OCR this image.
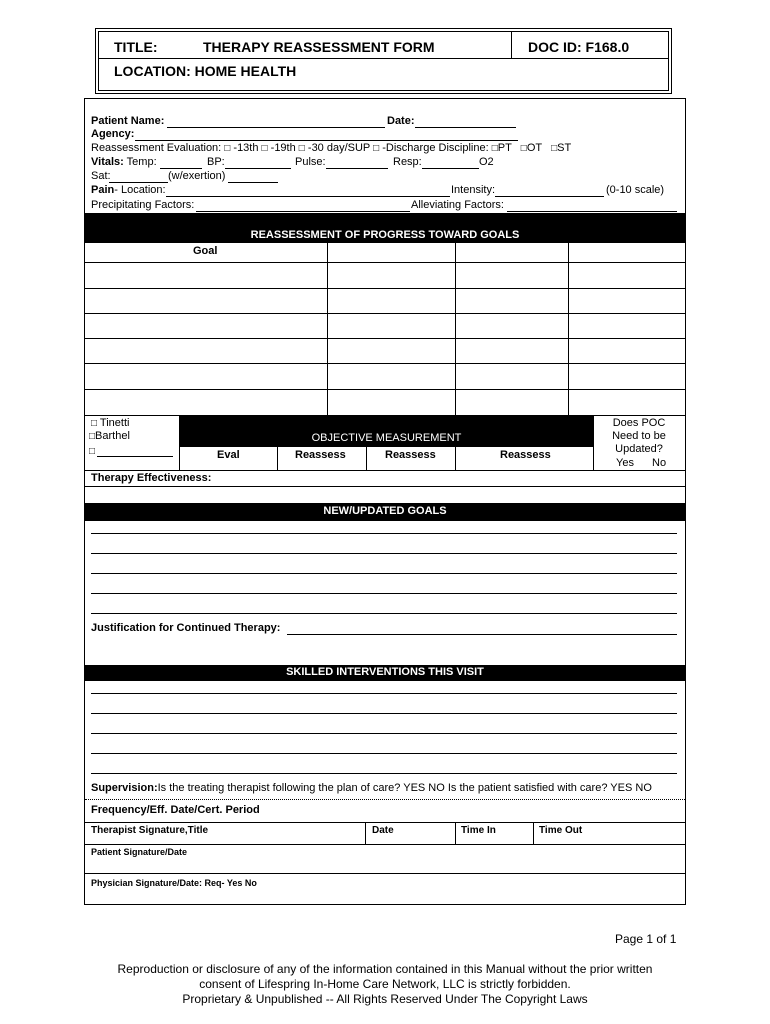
TITLE:	THERAPY REASSESSMENT FORM	DOC ID: F168.0
LOCATION: HOME HEALTH
Patient Name:	Date:
Agency:
Reassessment Evaluation: □ -13th □ -19th □ -30 day/SUP □ -Discharge Discipline: □PT □OT □ST
Vitals: Temp:	BP:	Pulse:	Resp:	O2
Sat:	(w/exertion)
Pain- Location:	Intensity:	(0-10 scale)
Precipitating Factors:	Alleviating Factors:
REASSESSMENT OF PROGRESS TOWARD GOALS
Goal
□ Tinetti
□Barthel
□
OBJECTIVE MEASUREMENT
Eval	Reassess	Reassess	Reassess
Does POC
Need to be
Updated?
Yes No
Therapy Effectiveness:
NEW/UPDATED GOALS
Justification for Continued Therapy:
SKILLED INTERVENTIONS THIS VISIT
Supervision:Is the treating therapist following the plan of care? YES NO Is the patient satisfied with care? YES NO
Frequency/Eff. Date/Cert. Period
Therapist Signature,Title	Date	Time In	Time Out
Patient Signature/Date
Physician Signature/Date: Req- Yes No
Page 1 of 1
Reproduction or disclosure of any of the information contained in this Manual without the prior written
consent of Lifespring In-Home Care Network, LLC is strictly forbidden.
Proprietary & Unpublished -- All Rights Reserved Under The Copyright Laws
